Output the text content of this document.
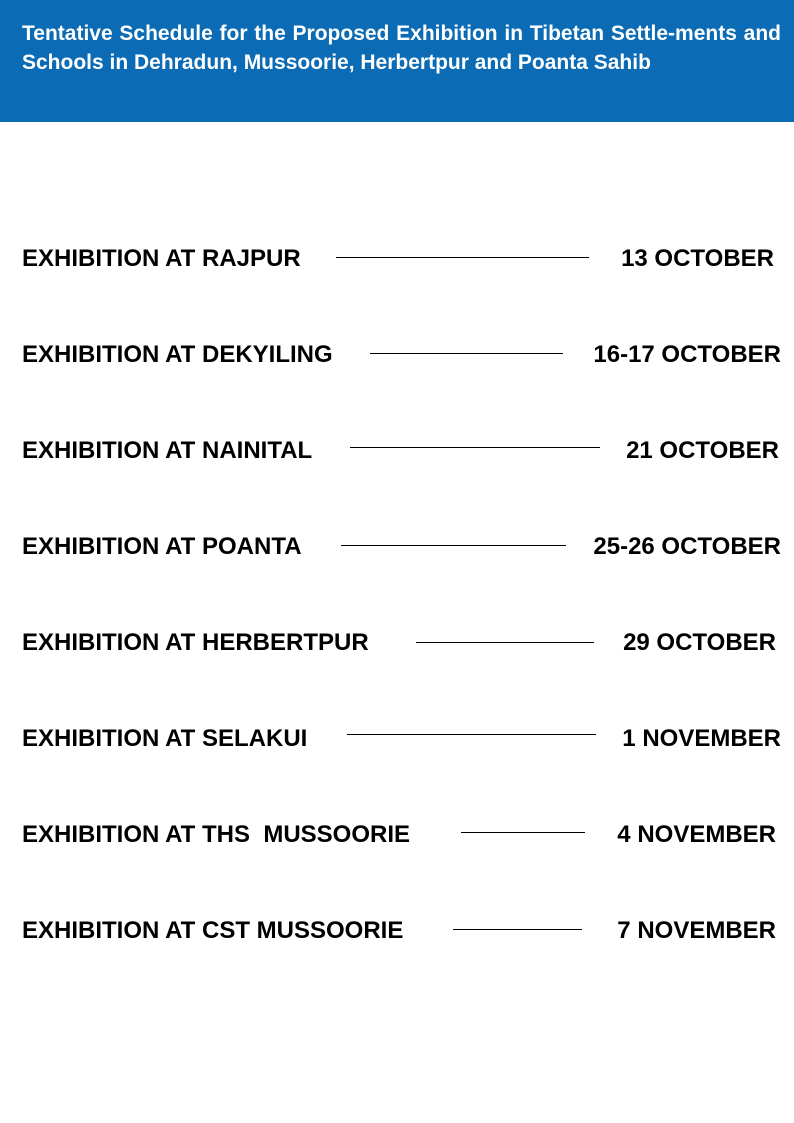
Tentative Schedule for the Proposed Exhibition in Tibetan Settle-ments and Schools in Dehradun, Mussoorie, Herbertpur and Poanta Sahib
EXHIBITION AT RAJPUR	13 OCTOBER
EXHIBITION AT DEKYILING	16-17 OCTOBER
EXHIBITION AT NAINITAL	21 OCTOBER
EXHIBITION AT POANTA	25-26 OCTOBER
EXHIBITION AT HERBERTPUR	29 OCTOBER
EXHIBITION AT SELAKUI	1 NOVEMBER
EXHIBITION AT THS  MUSSOORIE	4 NOVEMBER
EXHIBITION AT CST MUSSOORIE	7 NOVEMBER
